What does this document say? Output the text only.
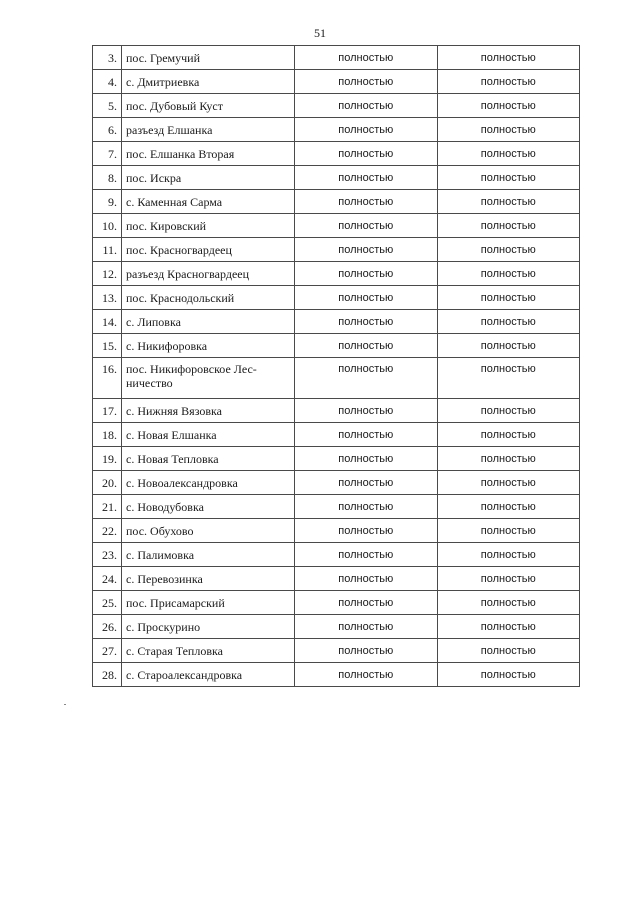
51
3.	пос. Гремучий	полностью	полностью
4.	с. Дмитриевка	полностью	полностью
5.	пос. Дубовый Куст	полностью	полностью
6.	разъезд Елшанка	полностью	полностью
7.	пос. Елшанка Вторая	полностью	полностью
8.	пос. Искра	полностью	полностью
9.	с. Каменная Сарма	полностью	полностью
10.	пос. Кировский	полностью	полностью
11.	пос. Красногвардеец	полностью	полностью
12.	разъезд Красногвардеец	полностью	полностью
13.	пос. Краснодольский	полностью	полностью
14.	с. Липовка	полностью	полностью
15.	с. Никифоровка	полностью	полностью
16.	пос. Никифоровское Лес-
ничество	полностью	полностью
17.	с. Нижняя Вязовка	полностью	полностью
18.	с. Новая Елшанка	полностью	полностью
19.	с. Новая Тепловка	полностью	полностью
20.	с. Новоалександровка	полностью	полностью
21.	с. Новодубовка	полностью	полностью
22.	пос. Обухово	полностью	полностью
23.	с. Палимовка	полностью	полностью
24.	с. Перевозинка	полностью	полностью
25.	пос. Присамарский	полностью	полностью
26.	с. Проскурино	полностью	полностью
27.	с. Старая Тепловка	полностью	полностью
28.	с. Староалександровка	полностью	полностью
